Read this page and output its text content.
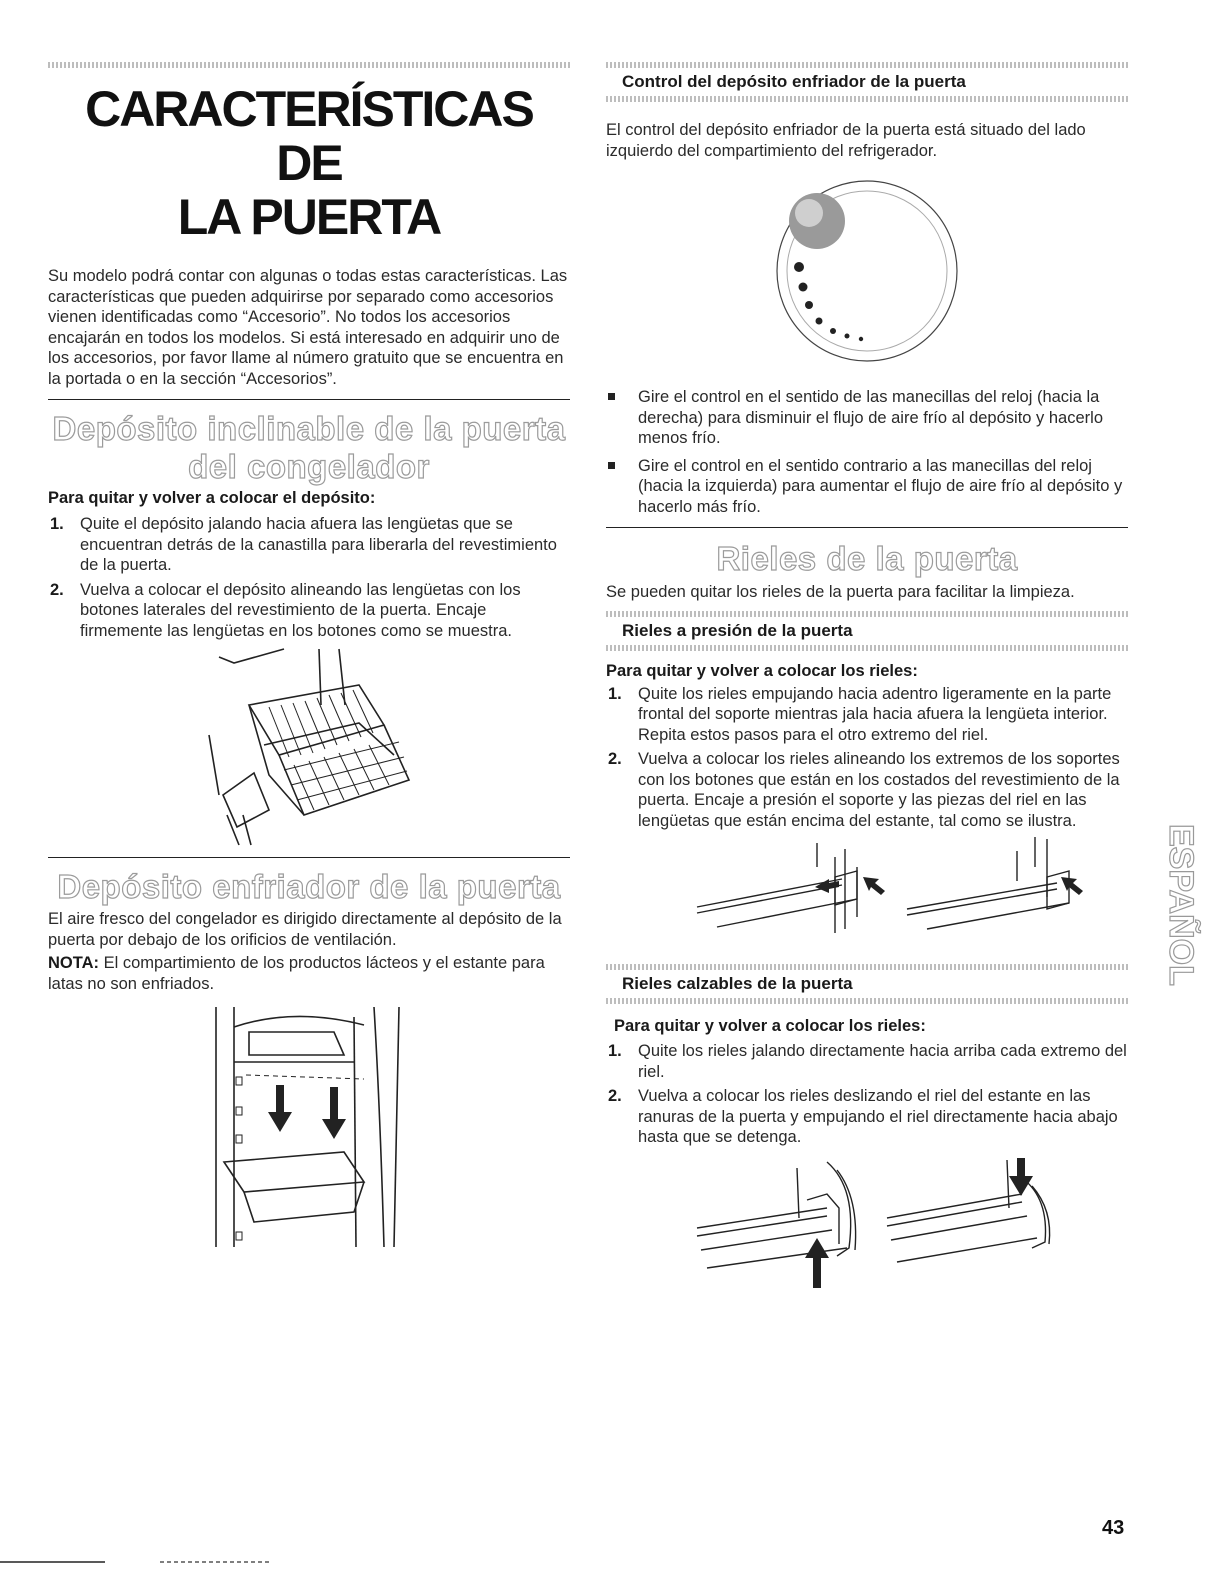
CARACTERÍSTICAS DE
LA PUERTA

Su modelo podrá contar con algunas o todas estas características. Las características que pueden adquirirse por separado como accesorios vienen identificadas como “Accesorio”. No todos los accesorios encajarán en todos los modelos. Si está interesado en adquirir uno de los accesorios, por favor llame al número gratuito que se encuentra en la portada o en la sección “Accesorios”.

Depósito inclinable de la puerta
del congelador
Para quitar y volver a colocar el depósito:
1. Quite el depósito jalando hacia afuera las lengüetas que se encuentran detrás de la canastilla para liberarla del revestimiento de la puerta.
2. Vuelva a colocar el depósito alineando las lengüetas con los botones laterales del revestimiento de la puerta. Encaje firmemente las lengüetas en los botones como se muestra.
Depósito enfriador de la puerta

El aire fresco del congelador es dirigido directamente al depósito de la puerta por debajo de los orificios de ventilación.

NOTA: El compartimiento de los productos lácteos y el estante para latas no son enfriados.

Control del depósito enfriador de la puerta

El control del depósito enfriador de la puerta está situado del lado izquierdo del compartimiento del refrigerador.

Gire el control en el sentido de las manecillas del reloj (hacia la derecha) para disminuir el flujo de aire frío al depósito y hacerlo menos frío.
Gire el control en el sentido contrario a las manecillas del reloj (hacia la izquierda) para aumentar el flujo de aire frío al depósito y hacerlo más frío.
Rieles de la puerta

Se pueden quitar los rieles de la puerta para facilitar la limpieza.

Rieles a presión de la puerta
Para quitar y volver a colocar los rieles:
1. Quite los rieles empujando hacia adentro ligeramente en la parte frontal del soporte mientras jala hacia afuera la lengüeta interior. Repita estos pasos para el otro extremo del riel.
2. Vuelva a colocar los rieles alineando los extremos de los soportes con los botones que están en los costados del revestimiento de la puerta. Encaje a presión el soporte y las piezas del riel en las lengüetas que están encima del estante, tal como se ilustra.
Rieles calzables de la puerta
Para quitar y volver a colocar los rieles:
1. Quite los rieles jalando directamente hacia arriba cada extremo del riel.
2. Vuelva a colocar los rieles deslizando el riel del estante en las ranuras de la puerta y empujando el riel directamente hacia abajo hasta que se detenga.
ESPAÑOL
43
